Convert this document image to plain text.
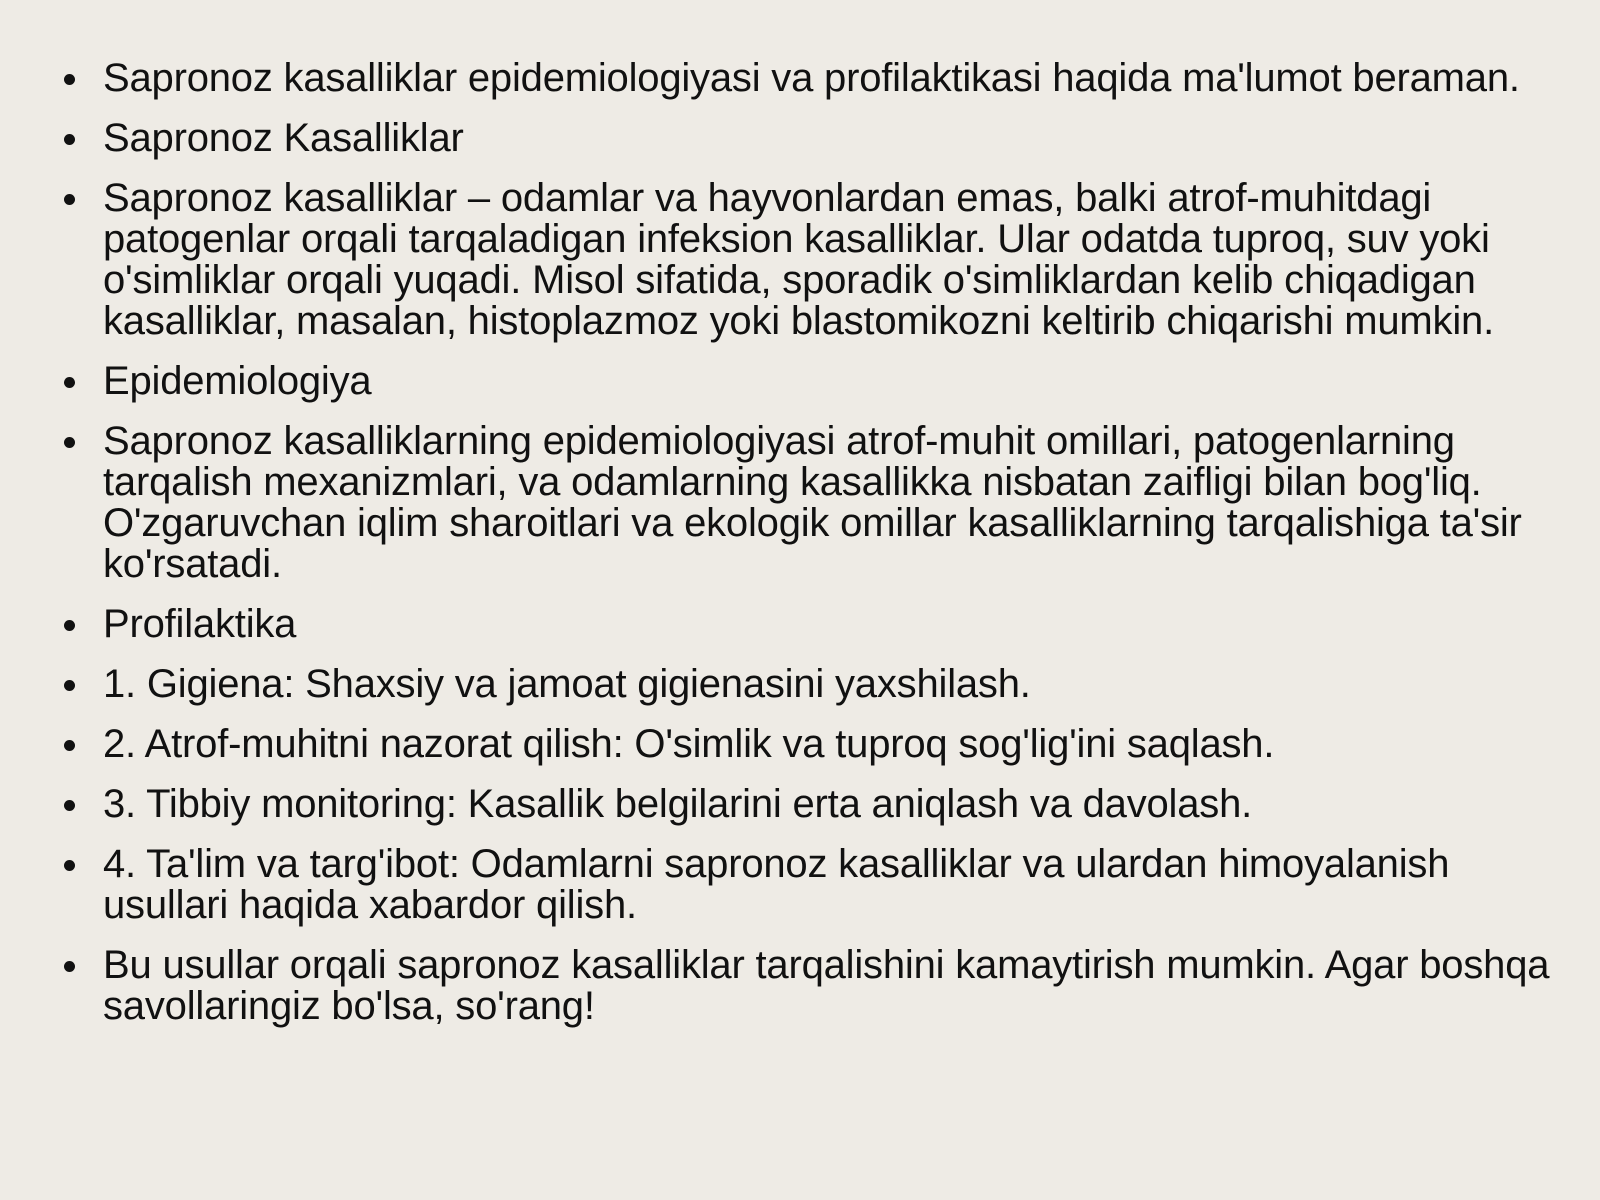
Sapronoz kasalliklar epidemiologiyasi va profilaktikasi haqida ma'lumot beraman.
Sapronoz Kasalliklar
Sapronoz kasalliklar – odamlar va hayvonlardan emas, balki atrof-muhitdagi patogenlar orqali tarqaladigan infeksion kasalliklar. Ular odatda tuproq, suv yoki o'simliklar orqali yuqadi. Misol sifatida, sporadik o'simliklardan kelib chiqadigan kasalliklar, masalan, histoplazmoz yoki blastomikozni keltirib chiqarishi mumkin.
Epidemiologiya
Sapronoz kasalliklarning epidemiologiyasi atrof-muhit omillari, patogenlarning tarqalish mexanizmlari, va odamlarning kasallikka nisbatan zaifligi bilan bog'liq. O'zgaruvchan iqlim sharoitlari va ekologik omillar kasalliklarning tarqalishiga ta'sir ko'rsatadi.
Profilaktika
1. Gigiena: Shaxsiy va jamoat gigienasini yaxshilash.
2. Atrof-muhitni nazorat qilish: O'simlik va tuproq sog'lig'ini saqlash.
3. Tibbiy monitoring: Kasallik belgilarini erta aniqlash va davolash.
4. Ta'lim va targ'ibot: Odamlarni sapronoz kasalliklar va ulardan himoyalanish usullari haqida xabardor qilish.
Bu usullar orqali sapronoz kasalliklar tarqalishini kamaytirish mumkin. Agar boshqa savollaringiz bo'lsa, so'rang!
